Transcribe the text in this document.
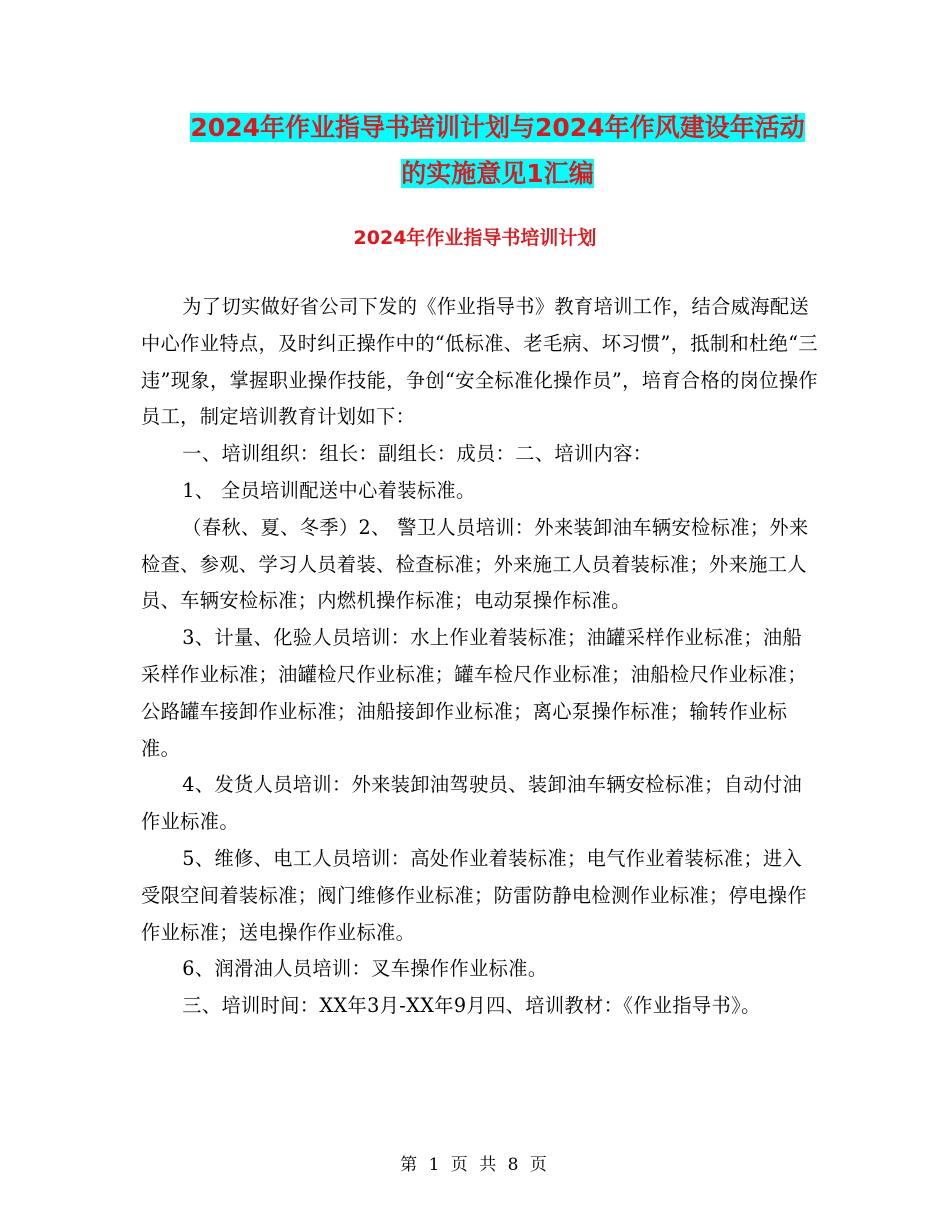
2024年作业指导书培训计划与2024年作风建设年活动
的实施意见1汇编
2024年作业指导书培训计划

为了切实做好省公司下发的《作业指导书》教育培训工作，结合威海配送中心作业特点，及时纠正操作中的“低标准、老毛病、坏习惯”，抵制和杜绝“三违”现象，掌握职业操作技能，争创“安全标准化操作员”，培育合格的岗位操作员工，制定培训教育计划如下：

一、培训组织：组长：副组长：成员：二、培训内容：

1、 全员培训配送中心着装标准。

（春秋、夏、冬季）2、 警卫人员培训：外来装卸油车辆安检标准；外来检查、参观、学习人员着装、检查标准；外来施工人员着装标准；外来施工人员、车辆安检标准；内燃机操作标准；电动泵操作标准。

3、计量、化验人员培训：水上作业着装标准；油罐采样作业标准；油船采样作业标准；油罐检尺作业标准；罐车检尺作业标准；油船检尺作业标准；公路罐车接卸作业标准；油船接卸作业标准；离心泵操作标准；输转作业标准。

4、发货人员培训：外来装卸油驾驶员、装卸油车辆安检标准；自动付油作业标准。

5、维修、电工人员培训：高处作业着装标准；电气作业着装标准；进入受限空间着装标准；阀门维修作业标准；防雷防静电检测作业标准；停电操作作业标准；送电操作作业标准。

6、润滑油人员培训：叉车操作作业标准。

三、培训时间：XX年3月-XX年9月四、培训教材：《作业指导书》。

第 1 页 共 8 页
